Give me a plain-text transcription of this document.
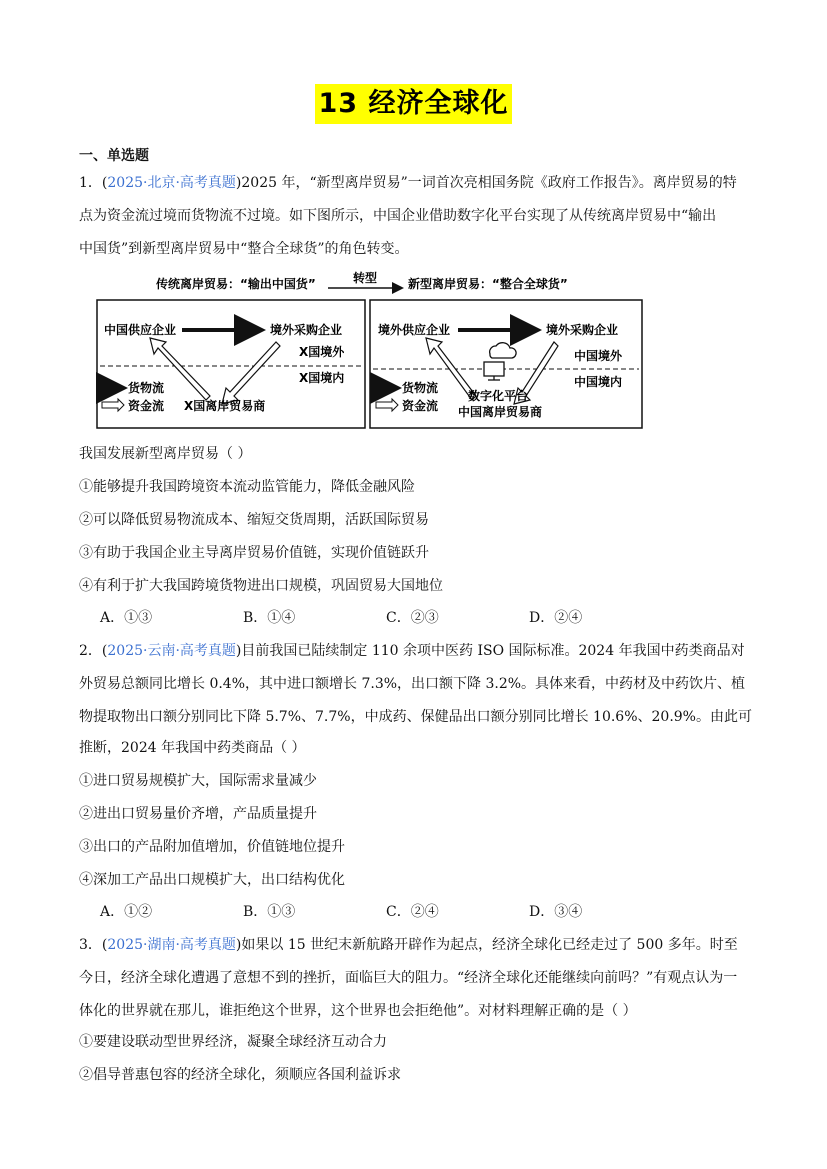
13 经济全球化
一、单选题
1．(2025·北京·高考真题)2025 年，“新型离岸贸易”一词首次亮相国务院《政府工作报告》。离岸贸易的特
点为资金流过境而货物流不过境。如下图所示，中国企业借助数字化平台实现了从传统离岸贸易中“输出
中国货”到新型离岸贸易中“整合全球货”的角色转变。
传统离岸贸易：“输出中国货”	转型	新型离岸贸易：“整合全球货”
中国供应企业	境外采购企业
X国境外
X国境内
货物流
资金流 X国离岸贸易商
境外供应企业	境外采购企业
中国境外
中国境内
货物流
资金流
数字化平台
中国离岸贸易商
我国发展新型离岸贸易（ ）
①能够提升我国跨境资本流动监管能力，降低金融风险
②可以降低贸易物流成本、缩短交货周期，活跃国际贸易
③有助于我国企业主导离岸贸易价值链，实现价值链跃升
④有利于扩大我国跨境货物进出口规模，巩固贸易大国地位
A．①③	B．①④	C．②③	D．②④
2．(2025·云南·高考真题)目前我国已陆续制定 110 余项中医药 ISO 国际标准。2024 年我国中药类商品对
外贸易总额同比增长 0.4%，其中进口额增长 7.3%，出口额下降 3.2%。具体来看，中药材及中药饮片、植
物提取物出口额分别同比下降 5.7%、7.7%，中成药、保健品出口额分别同比增长 10.6%、20.9%。由此可
推断，2024 年我国中药类商品（ ）
①进口贸易规模扩大，国际需求量减少
②进出口贸易量价齐增，产品质量提升
③出口的产品附加值增加，价值链地位提升
④深加工产品出口规模扩大，出口结构优化
A．①②	B．①③	C．②④	D．③④
3．(2025·湖南·高考真题)如果以 15 世纪末新航路开辟作为起点，经济全球化已经走过了 500 多年。时至
今日，经济全球化遭遇了意想不到的挫折，面临巨大的阻力。“经济全球化还能继续向前吗？”有观点认为一
体化的世界就在那儿，谁拒绝这个世界，这个世界也会拒绝他”。对材料理解正确的是（ ）
①要建设联动型世界经济，凝聚全球经济互动合力
②倡导普惠包容的经济全球化，须顺应各国利益诉求
